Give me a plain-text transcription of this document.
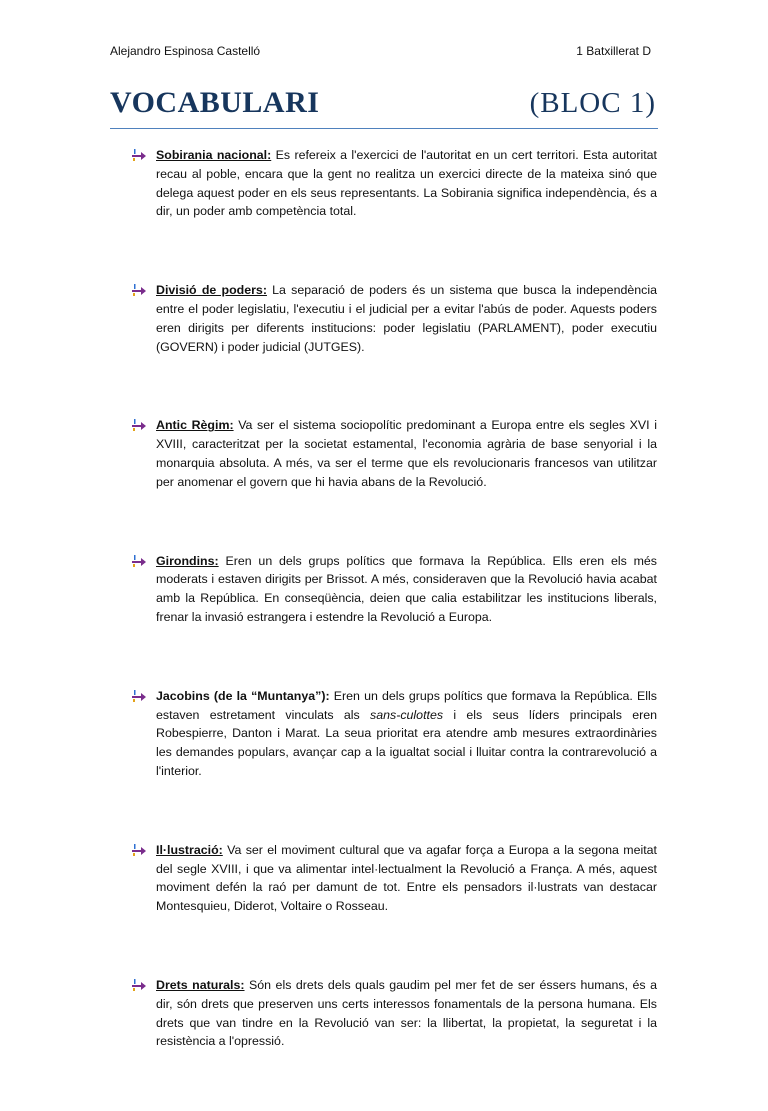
Alejandro Espinosa Castelló	1 Batxillerat D
VOCABULARI	(BLOC 1)
Sobirania nacional: Es refereix a l'exercici de l'autoritat en un cert territori. Esta autoritat recau al poble, encara que la gent no realitza un exercici directe de la mateixa sinó que delega aquest poder en els seus representants. La Sobirania significa independència, és a dir, un poder amb competència total.
Divisió de poders: La separació de poders és un sistema que busca la independència entre el poder legislatiu, l'executiu i el judicial per a evitar l'abús de poder. Aquests poders eren dirigits per diferents institucions: poder legislatiu (PARLAMENT), poder executiu (GOVERN) i poder judicial (JUTGES).
Antic Règim: Va ser el sistema sociopolític predominant a Europa entre els segles XVI i XVIII, caracteritzat per la societat estamental, l'economia agrària de base senyorial i la monarquia absoluta. A més, va ser el terme que els revolucionaris francesos van utilitzar per anomenar el govern que hi havia abans de la Revolució.
Girondins: Eren un dels grups polítics que formava la República. Ells eren els més moderats i estaven dirigits per Brissot. A més, consideraven que la Revolució havia acabat amb la República. En conseqüència, deien que calia estabilitzar les institucions liberals, frenar la invasió estrangera i estendre la Revolució a Europa.
Jacobins (de la “Muntanya”): Eren un dels grups polítics que formava la República. Ells estaven estretament vinculats als sans-culottes i els seus líders principals eren Robespierre, Danton i Marat. La seua prioritat era atendre amb mesures extraordinàries les demandes populars, avançar cap a la igualtat social i lluitar contra la contrarevolució a l'interior.
Il·lustració: Va ser el moviment cultural que va agafar força a Europa a la segona meitat del segle XVIII, i que va alimentar intel·lectualment la Revolució a França. A més, aquest moviment defén la raó per damunt de tot. Entre els pensadors il·lustrats van destacar Montesquieu, Diderot, Voltaire o Rosseau.
Drets naturals: Són els drets dels quals gaudim pel mer fet de ser éssers humans, és a dir, són drets que preserven uns certs interessos fonamentals de la persona humana. Els drets que van tindre en la Revolució van ser: la llibertat, la propietat, la seguretat i la resistència a l'opressió.
